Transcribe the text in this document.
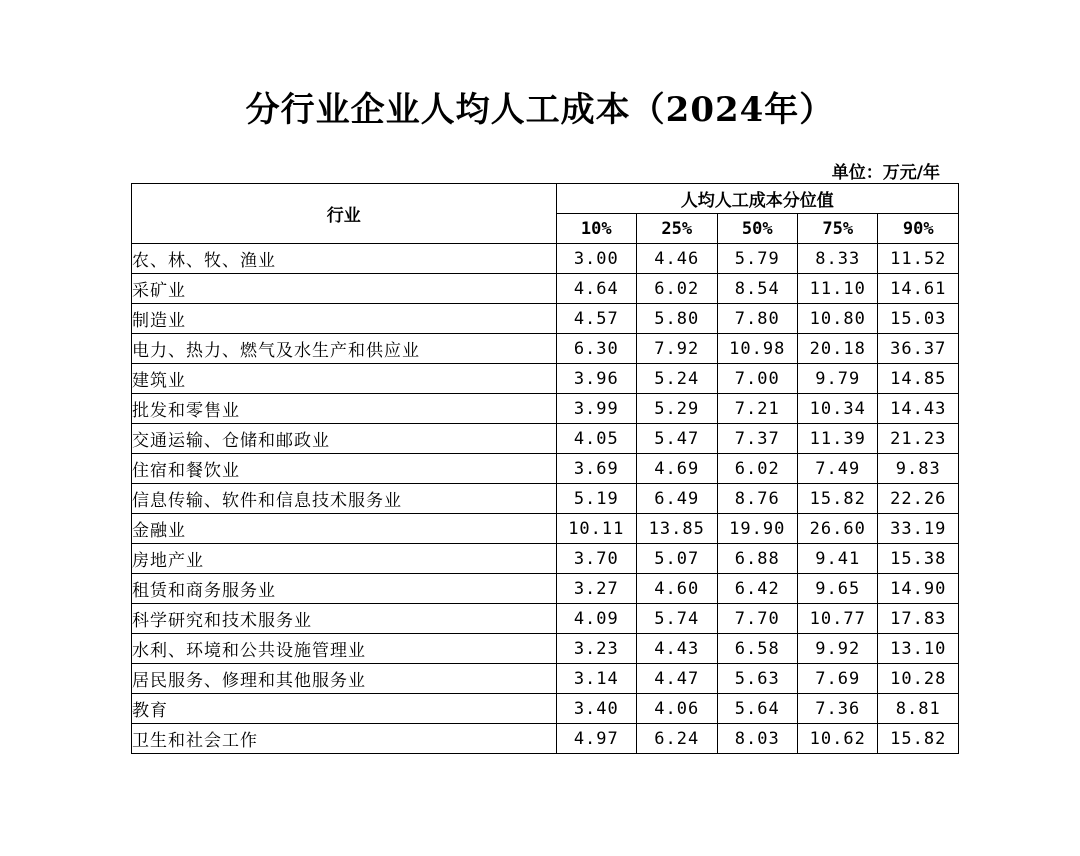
分行业企业人均人工成本（2024年）
单位：万元/年
行业	人均人工成本分位值				
	10%	25%	50%	75%	90%
农、林、牧、渔业	3.00	4.46	5.79	8.33	11.52
采矿业	4.64	6.02	8.54	11.10	14.61
制造业	4.57	5.80	7.80	10.80	15.03
电力、热力、燃气及水生产和供应业	6.30	7.92	10.98	20.18	36.37
建筑业	3.96	5.24	7.00	9.79	14.85
批发和零售业	3.99	5.29	7.21	10.34	14.43
交通运输、仓储和邮政业	4.05	5.47	7.37	11.39	21.23
住宿和餐饮业	3.69	4.69	6.02	7.49	9.83
信息传输、软件和信息技术服务业	5.19	6.49	8.76	15.82	22.26
金融业	10.11	13.85	19.90	26.60	33.19
房地产业	3.70	5.07	6.88	9.41	15.38
租赁和商务服务业	3.27	4.60	6.42	9.65	14.90
科学研究和技术服务业	4.09	5.74	7.70	10.77	17.83
水利、环境和公共设施管理业	3.23	4.43	6.58	9.92	13.10
居民服务、修理和其他服务业	3.14	4.47	5.63	7.69	10.28
教育	3.40	4.06	5.64	7.36	8.81
卫生和社会工作	4.97	6.24	8.03	10.62	15.82
